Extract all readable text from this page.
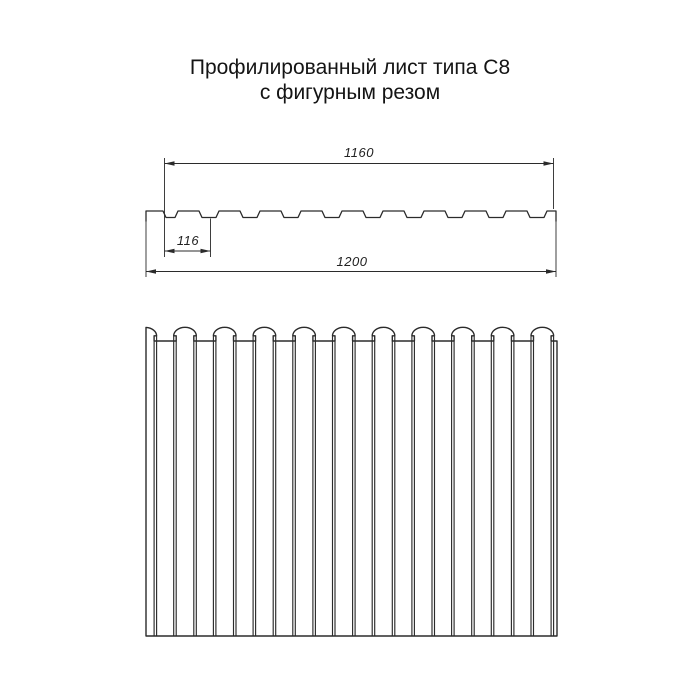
Профилированный лист типа С8
с фигурным резом
1160
116
1200
